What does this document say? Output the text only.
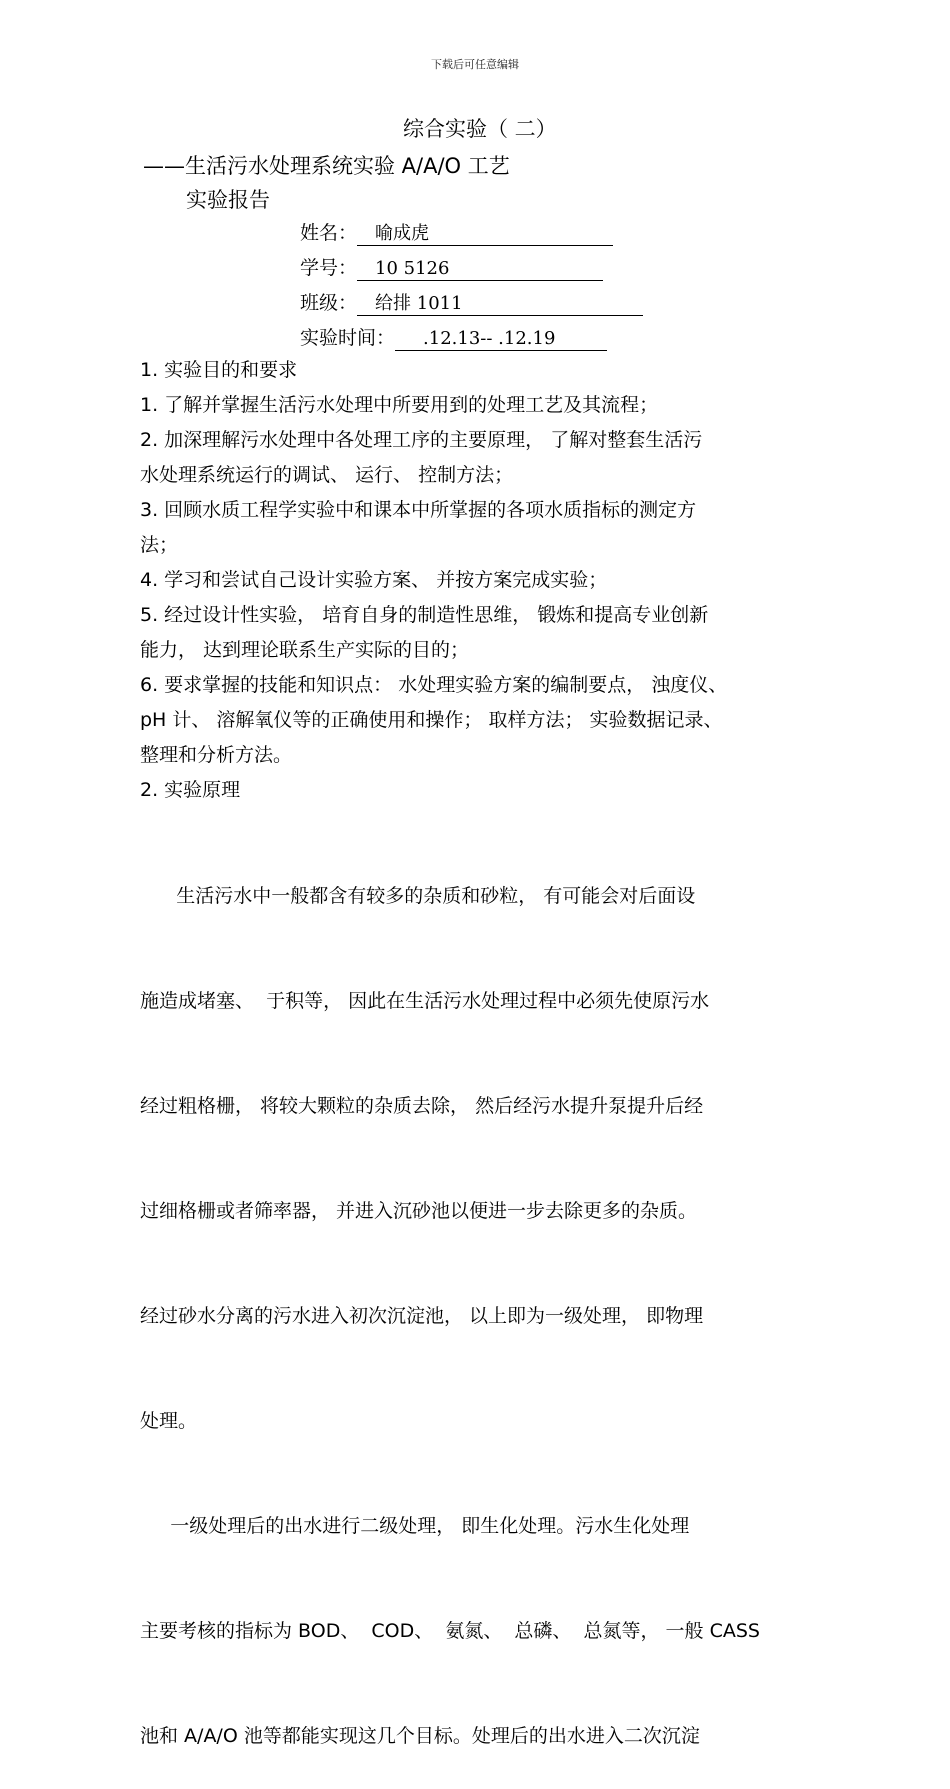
下载后可任意编辑
综合实验（ 二）
——生活污水处理系统实验 A/A/O 工艺
实验报告
姓名： 喻成虎
学号： 10 5126
班级： 给排 1011
实验时间： .12.13-- .12.19
1. 实验目的和要求
1. 了解并掌握生活污水处理中所要用到的处理工艺及其流程；
2. 加深理解污水处理中各处理工序的主要原理， 了解对整套生活污
水处理系统运行的调试、 运行、 控制方法；
3. 回顾水质工程学实验中和课本中所掌握的各项水质指标的测定方
法；
4. 学习和尝试自己设计实验方案、 并按方案完成实验；
5. 经过设计性实验， 培育自身的制造性思维， 锻炼和提高专业创新
能力， 达到理论联系生产实际的目的；
6. 要求掌握的技能和知识点： 水处理实验方案的编制要点， 浊度仪、
pH 计、 溶解氧仪等的正确使用和操作； 取样方法； 实验数据记录、
整理和分析方法。
2. 实验原理

生活污水中一般都含有较多的杂质和砂粒， 有可能会对后面设

施造成堵塞、  于积等， 因此在生活污水处理过程中必须先使原污水

经过粗格栅， 将较大颗粒的杂质去除， 然后经污水提升泵提升后经

过细格栅或者筛率器， 并进入沉砂池以便进一步去除更多的杂质。

经过砂水分离的污水进入初次沉淀池， 以上即为一级处理， 即物理

处理。

一级处理后的出水进行二级处理， 即生化处理。污水生化处理

主要考核的指标为 BOD、  COD、  氨氮、  总磷、  总氮等， 一般 CASS

池和 A/A/O 池等都能实现这几个目标。处理后的出水进入二次沉淀
